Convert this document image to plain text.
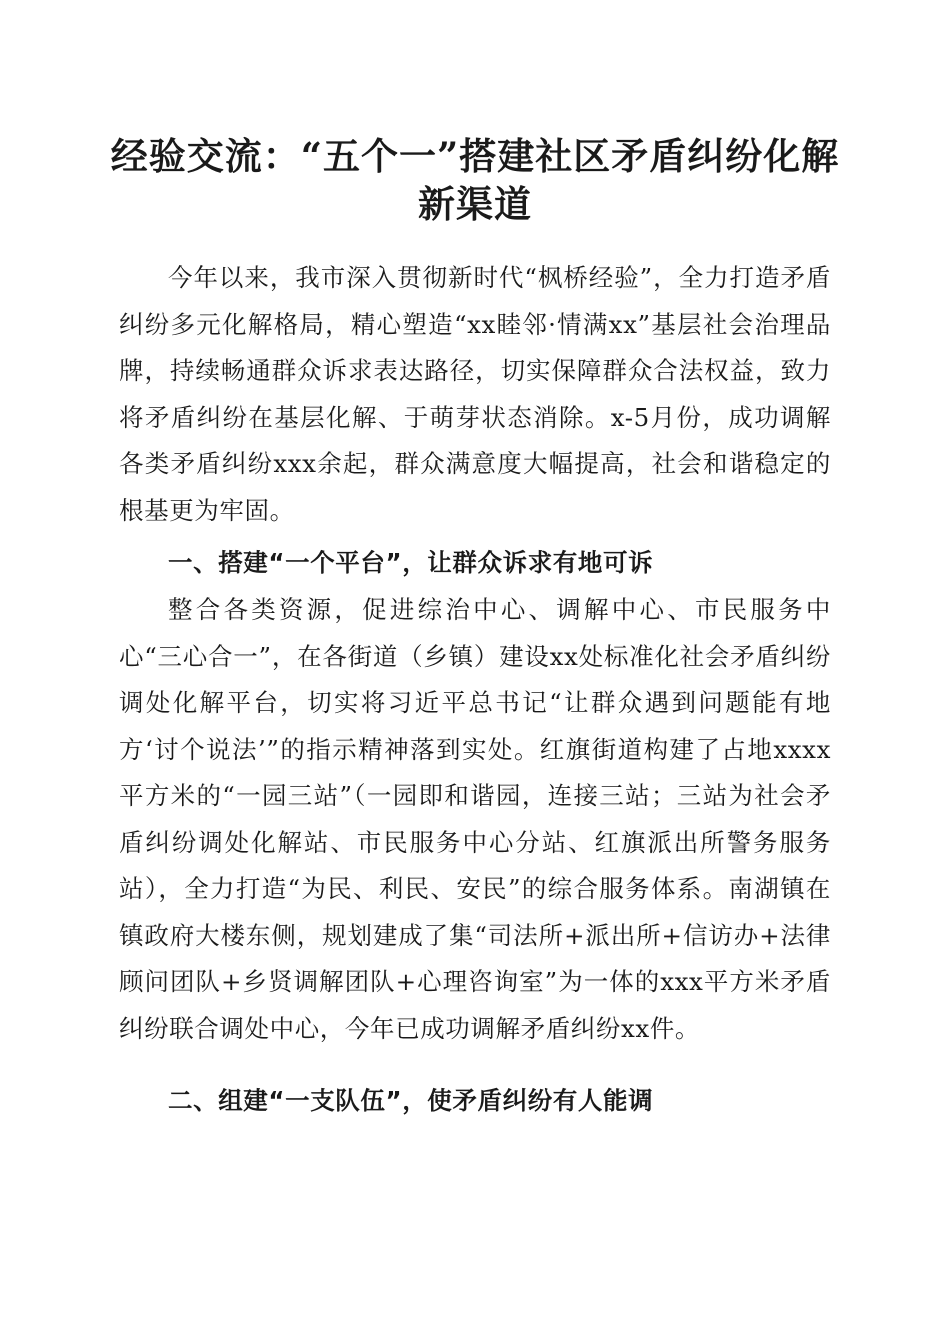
经验交流：“五个一”搭建社区矛盾纠纷化解新渠道

今年以来，我市深入贯彻新时代“枫桥经验”，全力打造矛盾纠纷多元化解格局，精心塑造“xx睦邻·情满xx”基层社会治理品牌，持续畅通群众诉求表达路径，切实保障群众合法权益，致力将矛盾纠纷在基层化解、于萌芽状态消除。x-5月份，成功调解各类矛盾纠纷xxx余起，群众满意度大幅提高，社会和谐稳定的根基更为牢固。

一、搭建“一个平台”，让群众诉求有地可诉

整合各类资源，促进综治中心、调解中心、市民服务中心“三心合一”，在各街道（乡镇）建设xx处标准化社会矛盾纠纷调处化解平台，切实将习近平总书记“让群众遇到问题能有地方‘讨个说法’”的指示精神落到实处。红旗街道构建了占地xxxx平方米的“一园三站”（一园即和谐园，连接三站；三站为社会矛盾纠纷调处化解站、市民服务中心分站、红旗派出所警务服务站），全力打造“为民、利民、安民”的综合服务体系。南湖镇在镇政府大楼东侧，规划建成了集“司法所+派出所+信访办+法律顾问团队+乡贤调解团队+心理咨询室”为一体的xxx平方米矛盾纠纷联合调处中心，今年已成功调解矛盾纠纷xx件。

二、组建“一支队伍”，使矛盾纠纷有人能调
